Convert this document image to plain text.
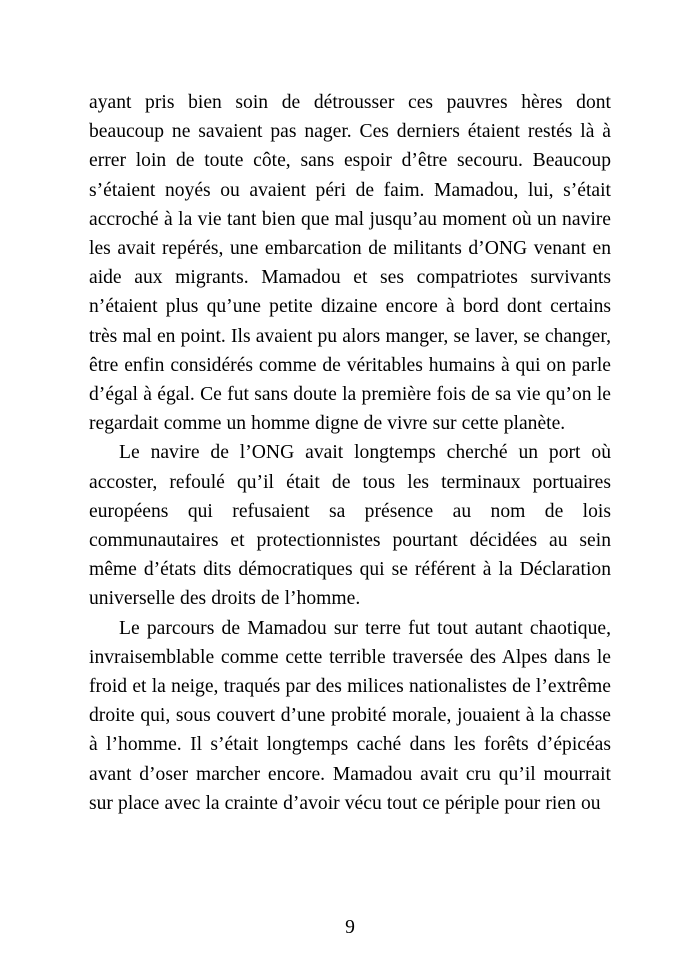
ayant pris bien soin de détrousser ces pauvres hères dont beaucoup ne savaient pas nager. Ces derniers étaient restés là à errer loin de toute côte, sans espoir d’être secouru. Beaucoup s’étaient noyés ou avaient péri de faim. Mamadou, lui, s’était accroché à la vie tant bien que mal jusqu’au moment où un navire les avait repérés, une embarcation de militants d’ONG venant en aide aux migrants. Mamadou et ses compatriotes survivants n’étaient plus qu’une petite dizaine encore à bord dont certains très mal en point. Ils avaient pu alors manger, se laver, se changer, être enfin considérés comme de véritables humains à qui on parle d’égal à égal. Ce fut sans doute la première fois de sa vie qu’on le regardait comme un homme digne de vivre sur cette planète.

Le navire de l’ONG avait longtemps cherché un port où accoster, refoulé qu’il était de tous les terminaux portuaires européens qui refusaient sa présence au nom de lois communautaires et protectionnistes pourtant décidées au sein même d’états dits démocratiques qui se référent à la Déclaration universelle des droits de l’homme.

Le parcours de Mamadou sur terre fut tout autant chaotique, invraisemblable comme cette terrible traversée des Alpes dans le froid et la neige, traqués par des milices nationalistes de l’extrême droite qui, sous couvert d’une probité morale, jouaient à la chasse à l’homme. Il s’était longtemps caché dans les forêts d’épicéas avant d’oser marcher encore. Mamadou avait cru qu’il mourrait sur place avec la crainte d’avoir vécu tout ce périple pour rien ou

9
